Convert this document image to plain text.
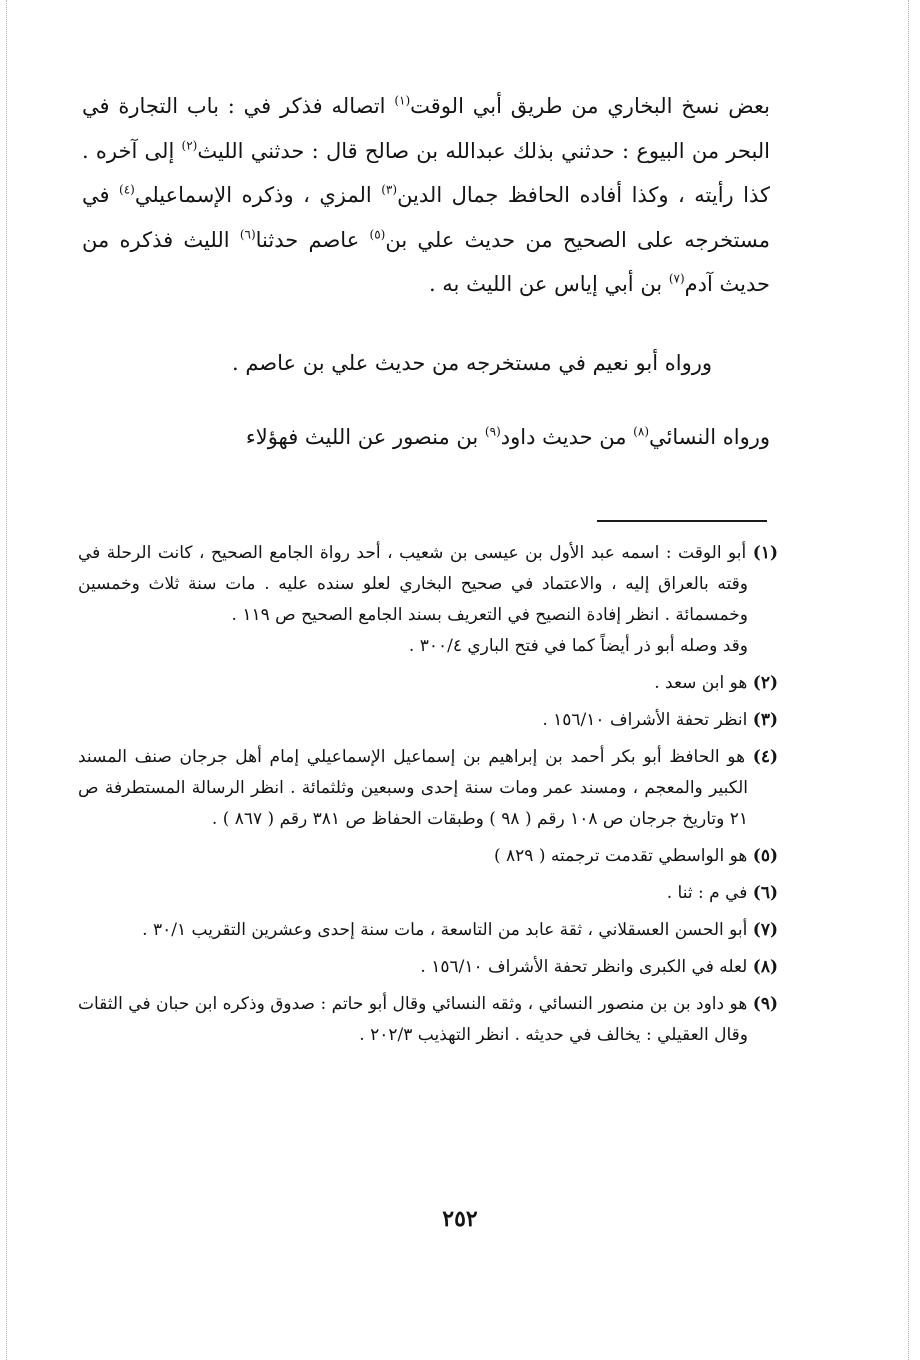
بعض نسخ البخاري من طريق أبي الوقت$^{(١)}$ اتصاله فذكر في : باب التجارة في البحر من البيوع : حدثني بذلك عبدالله بن صالح قال : حدثني الليث$^{(٢)}$ إلى آخره . كذا رأيته ، وكذا أفاده الحافظ جمال الدين$^{(٣)}$ المزي ، وذكره الإسماعيلي$^{(٤)}$ في مستخرجه على الصحيح من حديث علي بن$^{(٥)}$ عاصم حدثنا$^{(٦)}$ الليث فذكره من حديث آدم$^{(٧)}$ بن أبي إياس عن الليث به .

ورواه أبو نعيم في مستخرجه من حديث علي بن عاصم .

ورواه النسائي$^{(٨)}$ من حديث داود$^{(٩)}$ بن منصور عن الليث فهؤلاء

(١) أبو الوقت : اسمه عبد الأول بن عيسى بن شعيب ، أحد رواة الجامع الصحيح ، كانت الرحلة في وقته بالعراق إليه ، والاعتماد في صحيح البخاري لعلو سنده عليه . مات سنة ثلاث وخمسين وخمسمائة . انظر إفادة النصيح في التعريف بسند الجامع الصحيح ص ١١٩ .
وقد وصله أبو ذر أيضاً كما في فتح الباري ٣٠٠/٤ .

(٢) هو ابن سعد .

(٣) انظر تحفة الأشراف ١٥٦/١٠ .

(٤) هو الحافظ أبو بكر أحمد بن إبراهيم بن إسماعيل الإسماعيلي إمام أهل جرجان صنف المسند الكبير والمعجم ، ومسند عمر ومات سنة إحدى وسبعين وثلثمائة . انظر الرسالة المستطرفة ص ٢١ وتاريخ جرجان ص ١٠٨ رقم ( ٩٨ ) وطبقات الحفاظ ص ٣٨١ رقم ( ٨٦٧ ) .

(٥) هو الواسطي تقدمت ترجمته ( ٨٢٩ )

(٦) في م : ثنا .

(٧) أبو الحسن العسقلاني ، ثقة عابد من التاسعة ، مات سنة إحدى وعشرين التقريب ٣٠/١ .

(٨) لعله في الكبرى وانظر تحفة الأشراف ١٥٦/١٠ .

(٩) هو داود بن بن منصور النسائي ، وثقه النسائي وقال أبو حاتم : صدوق وذكره ابن حبان في الثقات وقال العقيلي : يخالف في حديثه . انظر التهذيب ٢٠٢/٣ .

٢٥٢
